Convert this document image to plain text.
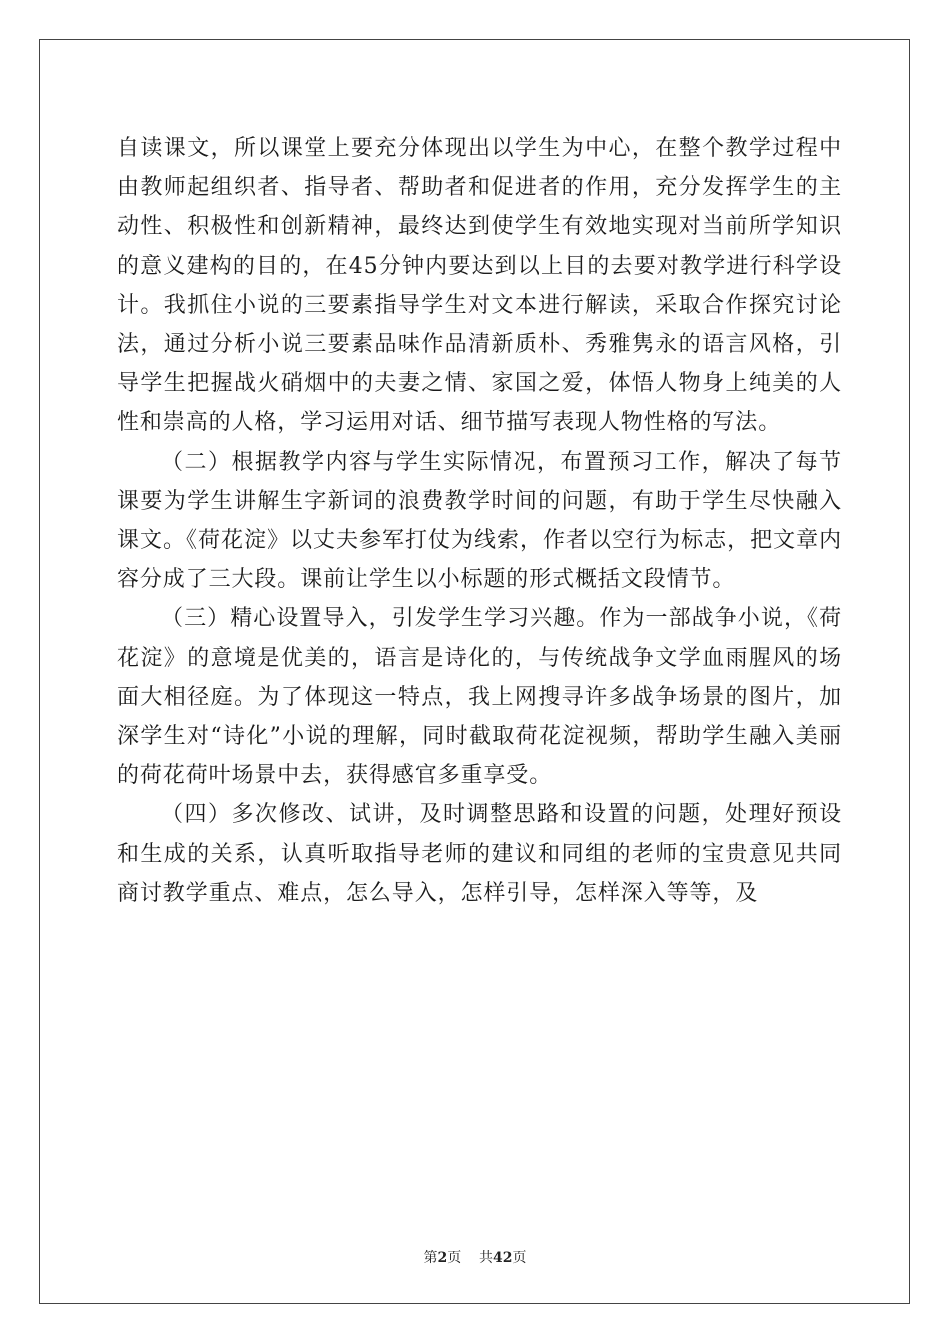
自读课文，所以课堂上要充分体现出以学生为中心，在整个教学过程中由教师起组织者、指导者、帮助者和促进者的作用，充分发挥学生的主动性、积极性和创新精神，最终达到使学生有效地实现对当前所学知识的意义建构的目的，在45分钟内要达到以上目的去要对教学进行科学设计。我抓住小说的三要素指导学生对文本进行解读，采取合作探究讨论法，通过分析小说三要素品味作品清新质朴、秀雅隽永的语言风格，引导学生把握战火硝烟中的夫妻之情、家国之爱，体悟人物身上纯美的人性和崇高的人格，学习运用对话、细节描写表现人物性格的写法。

（二）根据教学内容与学生实际情况，布置预习工作，解决了每节课要为学生讲解生字新词的浪费教学时间的问题，有助于学生尽快融入课文。《荷花淀》以丈夫参军打仗为线索，作者以空行为标志，把文章内容分成了三大段。课前让学生以小标题的形式概括文段情节。

（三）精心设置导入，引发学生学习兴趣。作为一部战争小说，《荷花淀》的意境是优美的，语言是诗化的，与传统战争文学血雨腥风的场面大相径庭。为了体现这一特点，我上网搜寻许多战争场景的图片，加深学生对“诗化”小说的理解，同时截取荷花淀视频，帮助学生融入美丽的荷花荷叶场景中去，获得感官多重享受。

（四）多次修改、试讲，及时调整思路和设置的问题，处理好预设和生成的关系，认真听取指导老师的建议和同组的老师的宝贵意见共同商讨教学重点、难点，怎么导入，怎样引导，怎样深入等等，及

第2页 共42页
